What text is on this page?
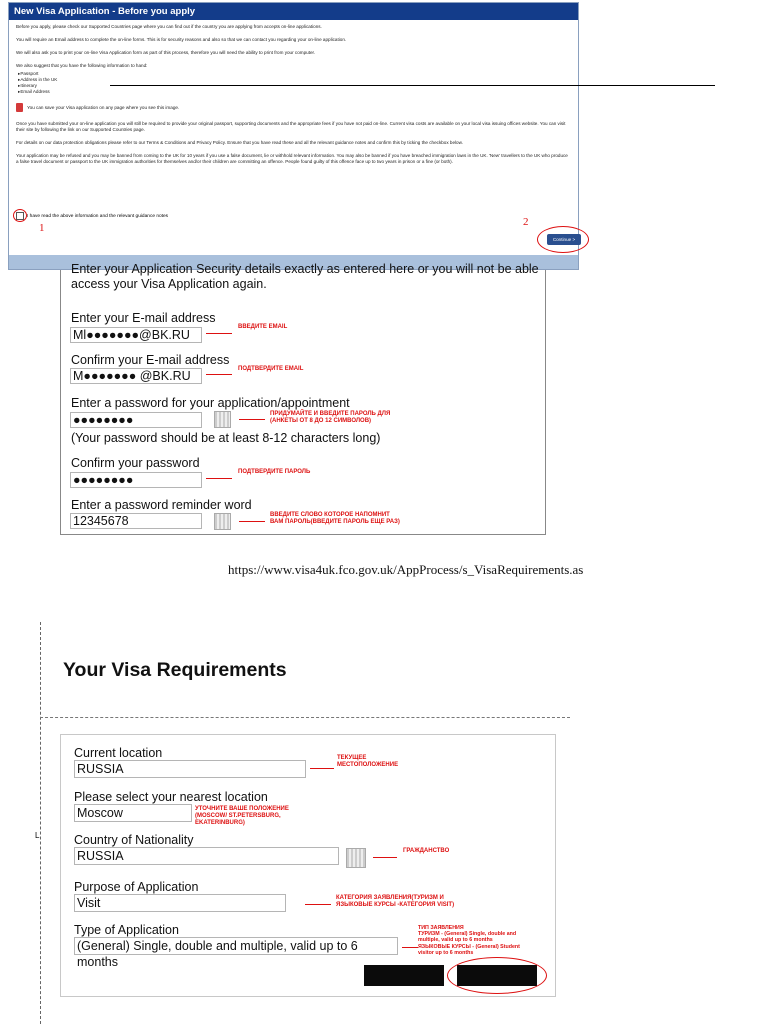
New Visa Application - Before you apply

Before you apply, please check our Supported Countries page where you can find out if the country you are applying from accepts on-line applications.

You will require an Email address to complete the on-line forms. This is for security reasons and also so that we can contact you regarding your on-line application.

We will also ask you to print your on-line Visa Application form as part of this process, therefore you will need the ability to print from your computer.

We also suggest that you have the following information to hand:

▸ Passport
▸ Address in the UK
▸ Itinerary
▸ Email Address
You can save your Visa application on any page where you see this image.

Once you have submitted your on-line application you will still be required to provide your original passport, supporting documents and the appropriate fees if you have not paid on-line. Current visa costs are available on your local visa issuing offices website. You can visit their site by following the link on our Supported Countries page.

For details on our data protection obligations please refer to our Terms & Conditions and Privacy Policy. Ensure that you have read these and all the relevant guidance notes and confirm this by ticking the checkbox below.

Your application may be refused and you may be banned from coming to the UK for 10 years if you use a false document, lie or withhold relevant information. You may also be banned if you have breached immigration laws in the UK. 'New' travellers to the UK who produce a false travel document or passport to the UK immigration authorities for themselves and/or their children are committing an offence. People found guilty of this offence face up to two years in prison or a fine (or both).

I have read the above information and the relevant guidance notes
1	2
Continue >
Enter your Application Security details exactly as entered here or you will not be able
access your Visa Application again.
Enter your E-mail address
Ml●●●●●●●@BK.RU
ВВЕДИТЕ EMAIL
Confirm your E-mail address
M●●●●●●● @BK.RU	ПОДТВЕРДИТЕ EMAIL
Enter a password for your application/appointment
●●●●●●●●	ПРИДУМАЙТЕ И ВВЕДИТЕ ПАРОЛЬ ДЛЯ
(АНКЕТЫ ОТ 8 ДО 12 СИМВОЛОВ)
(Your password should be at least 8-12 characters long)
Confirm your password
●●●●●●●●
ПОДТВЕРДИТЕ ПАРОЛЬ
Enter a password reminder word
12345678	ВВЕДИТЕ СЛОВО КОТОРОЕ НАПОМНИТ
ВАМ ПАРОЛЬ(ВВЕДИТЕ ПАРОЛЬ ЕЩЕ РАЗ)
https://www.visa4uk.fco.gov.uk/AppProcess/s_VisaRequirements.as
L
Your Visa Requirements
Current location
RUSSIA
ТЕКУЩЕЕ
МЕСТОПОЛОЖЕНИЕ
Please select your nearest location
Moscow	УТОЧНИТЕ ВАШЕ ПОЛОЖЕНИЕ
(MOSCOW/ ST.PETERSBURG,
EKATERINBURG)
Country of Nationality
RUSSIA	ГРАЖДАНСТВО
Purpose of Application
Visit	КАТЕГОРИЯ ЗАЯВЛЕНИЯ(ТУРИЗМ И
ЯЗЫКОВЫЕ КУРСЫ -КАТЕГОРИЯ VISIT)
Type of Application
(General) Single, double and multiple, valid up to 6 months
ТИП ЗАЯВЛЕНИЯ
ТУРИЗМ - (General) Single, double and
multiple, valid up to 6 months
ЯЗЫКОВЫЕ КУРСЫ - (General) Student
visitor up to 6 months
